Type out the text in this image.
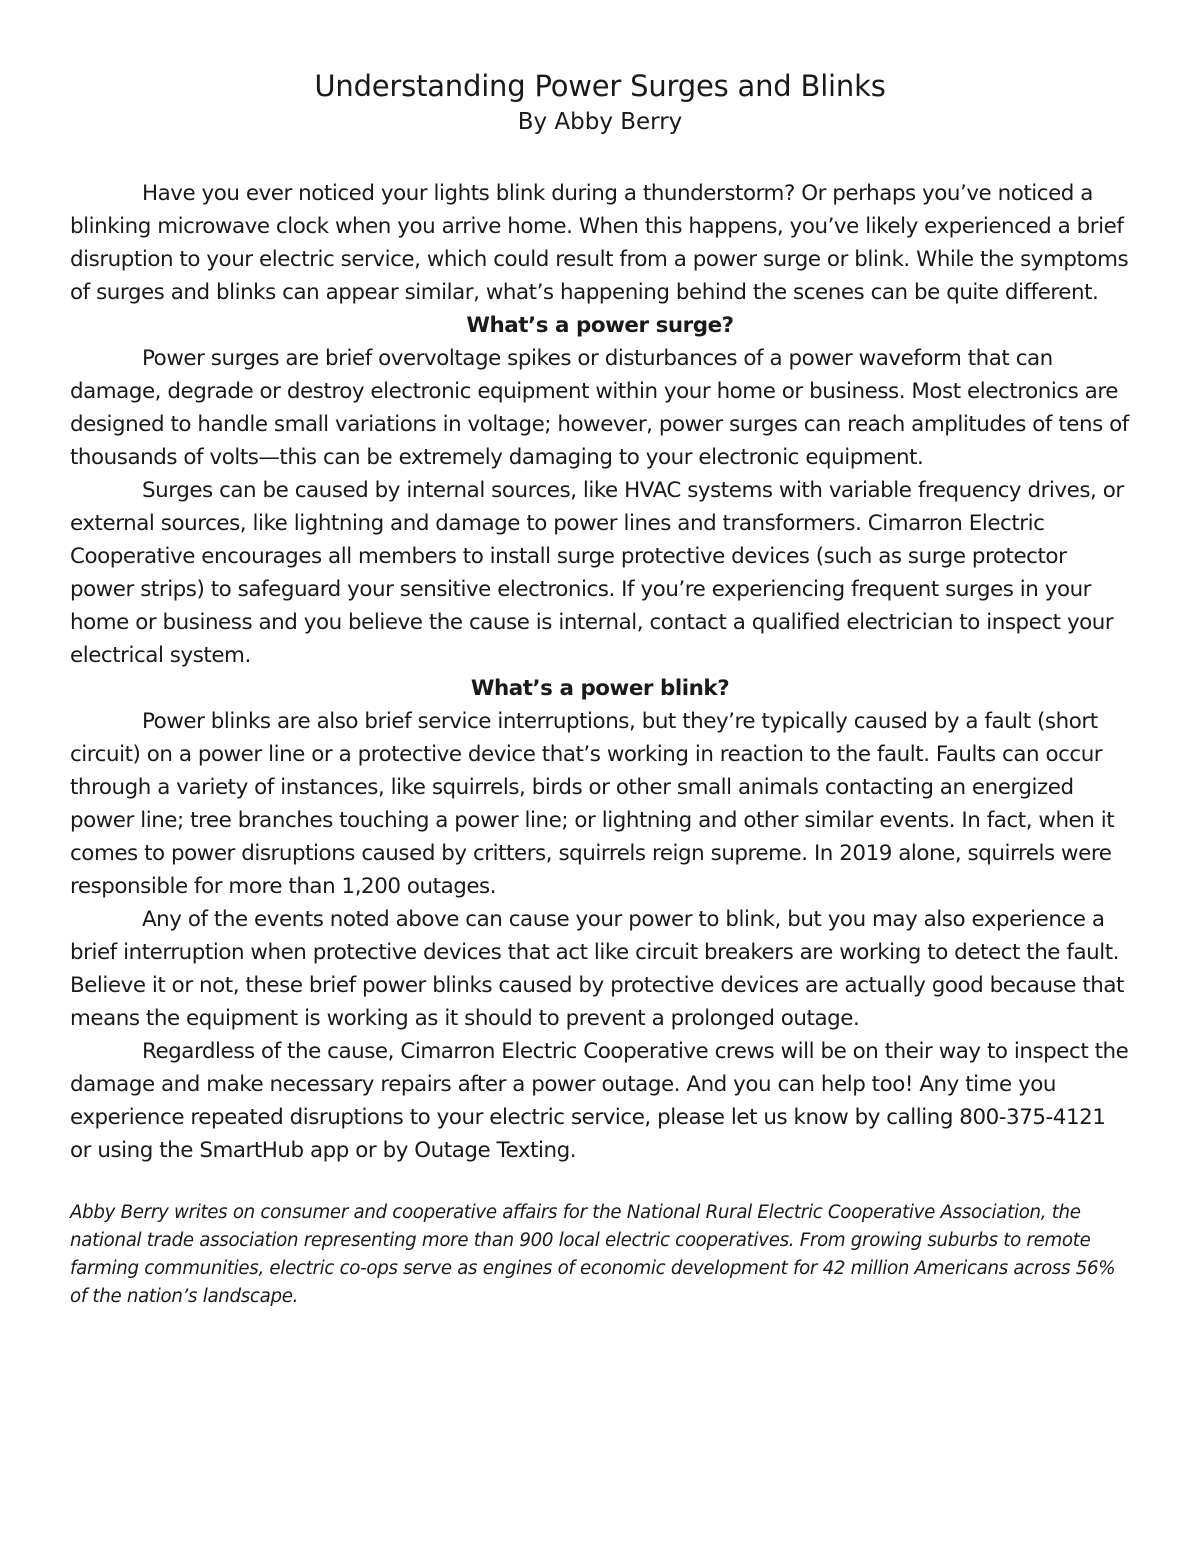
Understanding Power Surges and Blinks
By Abby Berry

Have you ever noticed your lights blink during a thunderstorm? Or perhaps you’ve noticed a blinking microwave clock when you arrive home. When this happens, you’ve likely experienced a brief disruption to your electric service, which could result from a power surge or blink. While the symptoms of surges and blinks can appear similar, what’s happening behind the scenes can be quite different.

What’s a power surge?

Power surges are brief overvoltage spikes or disturbances of a power waveform that can damage, degrade or destroy electronic equipment within your home or business. Most electronics are designed to handle small variations in voltage; however, power surges can reach amplitudes of tens of thousands of volts—this can be extremely damaging to your electronic equipment.

Surges can be caused by internal sources, like HVAC systems with variable frequency drives, or external sources, like lightning and damage to power lines and transformers. Cimarron Electric Cooperative encourages all members to install surge protective devices (such as surge protector power strips) to safeguard your sensitive electronics. If you’re experiencing frequent surges in your home or business and you believe the cause is internal, contact a qualified electrician to inspect your electrical system.

What’s a power blink?

Power blinks are also brief service interruptions, but they’re typically caused by a fault (short circuit) on a power line or a protective device that’s working in reaction to the fault. Faults can occur through a variety of instances, like squirrels, birds or other small animals contacting an energized power line; tree branches touching a power line; or lightning and other similar events. In fact, when it comes to power disruptions caused by critters, squirrels reign supreme. In 2019 alone, squirrels were responsible for more than 1,200 outages.

Any of the events noted above can cause your power to blink, but you may also experience a brief interruption when protective devices that act like circuit breakers are working to detect the fault. Believe it or not, these brief power blinks caused by protective devices are actually good because that means the equipment is working as it should to prevent a prolonged outage.

Regardless of the cause, Cimarron Electric Cooperative crews will be on their way to inspect the damage and make necessary repairs after a power outage. And you can help too! Any time you experience repeated disruptions to your electric service, please let us know by calling 800-375-4121 or using the SmartHub app or by Outage Texting.

Abby Berry writes on consumer and cooperative affairs for the National Rural Electric Cooperative Association, the national trade association representing more than 900 local electric cooperatives. From growing suburbs to remote farming communities, electric co-ops serve as engines of economic development for 42 million Americans across 56% of the nation’s landscape.
